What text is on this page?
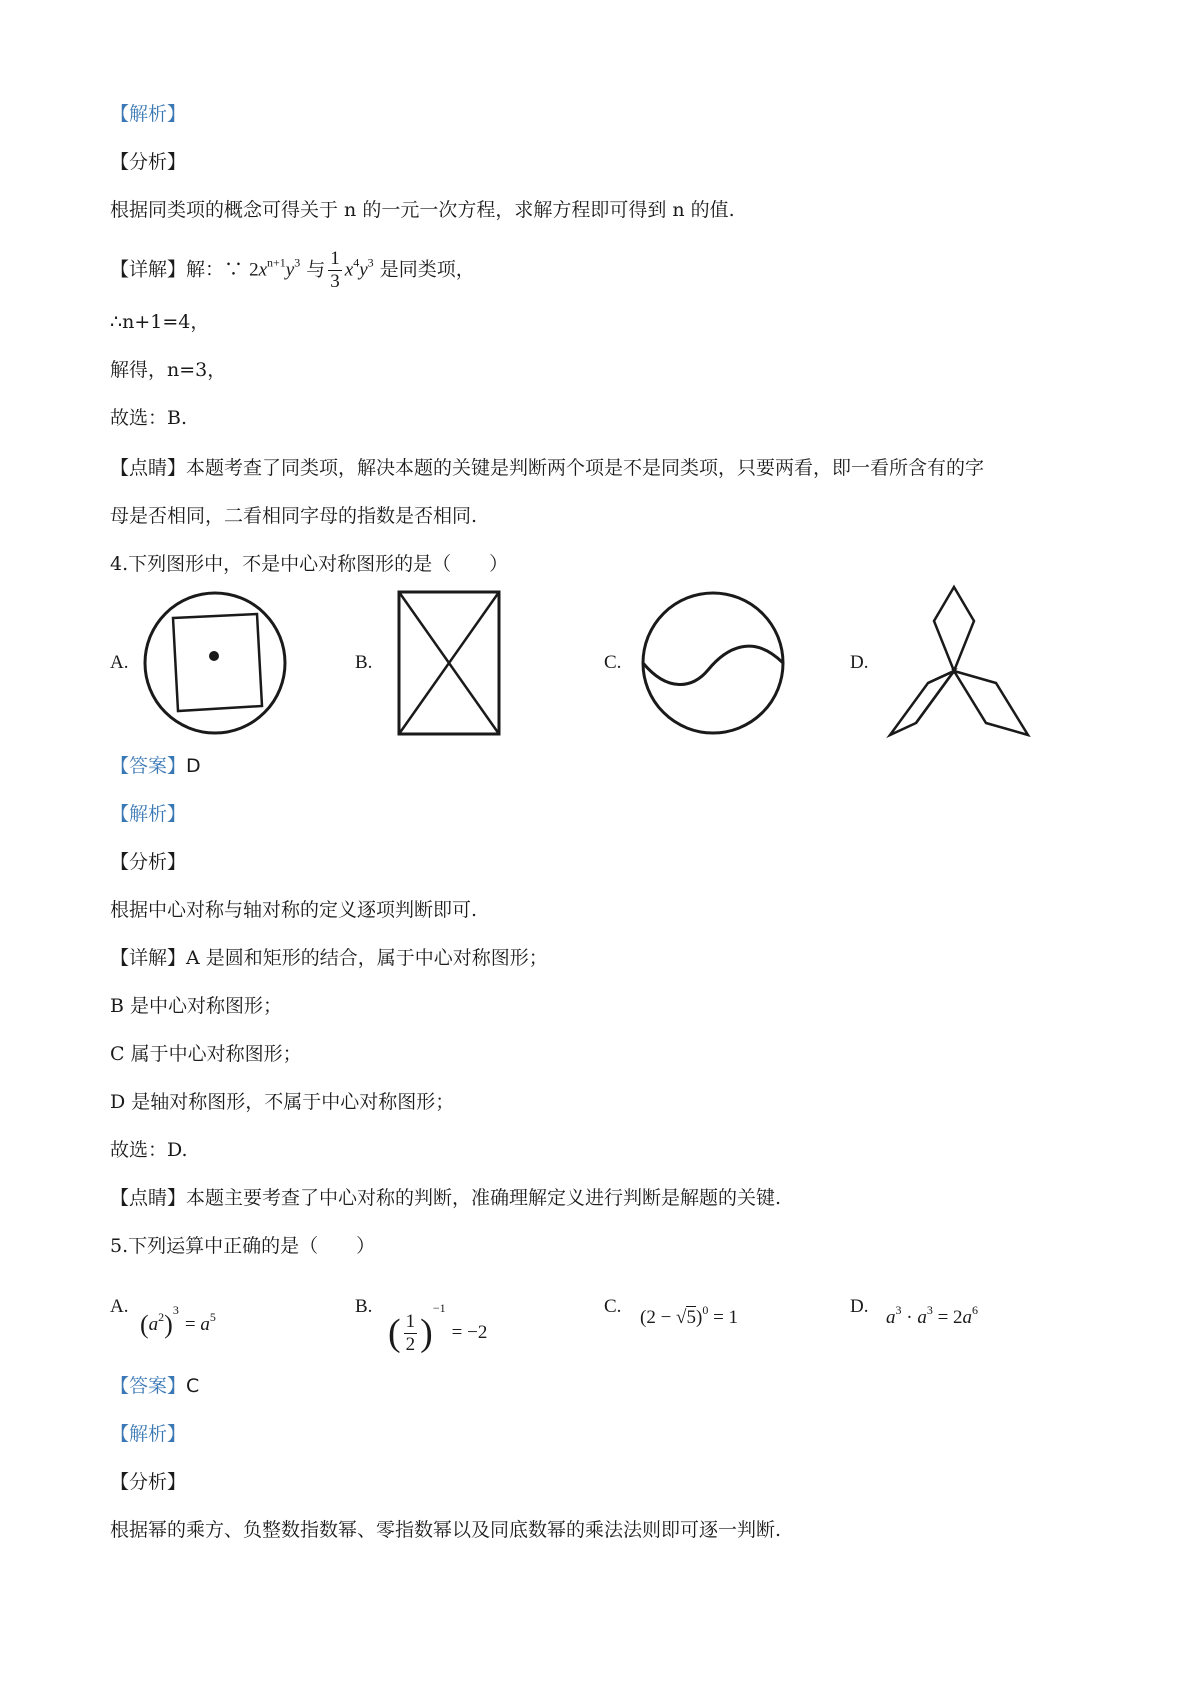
【解析】
【分析】
根据同类项的概念可得关于 n 的一元一次方程，求解方程即可得到 n 的值.
【详解】解：∵ $2x^{n+1}y^3$ 与 $\frac{1}{3} x^4y^3$ 是同类项，
∴n+1=4，
解得，n=3，
故选：B.
【点睛】本题考查了同类项，解决本题的关键是判断两个项是不是同类项，只要两看，即一看所含有的字
母是否相同，二看相同字母的指数是否相同.
4.下列图形中，不是中心对称图形的是（　　）
A.	B.	C.	D.
【答案】D
【解析】
【分析】
根据中心对称与轴对称的定义逐项判断即可.
【详解】A 是圆和矩形的结合，属于中心对称图形；
B 是中心对称图形；
C 属于中心对称图形；
D 是轴对称图形，不属于中心对称图形；
故选：D.
【点睛】本题主要考查了中心对称的判断，准确理解定义进行判断是解题的关键.
5.下列运算中正确的是（　　）
A.
$(a^2)^3 = a^5$	B.
( $\frac{1}{2} )^{-1} = -2$
C.
$(2 - √5)^0 = 1$
D.
$a^3 \cdot a^3 = 2a^6$
【答案】C
【解析】
【分析】
根据幂的乘方、负整数指数幂、零指数幂以及同底数幂的乘法法则即可逐一判断.
